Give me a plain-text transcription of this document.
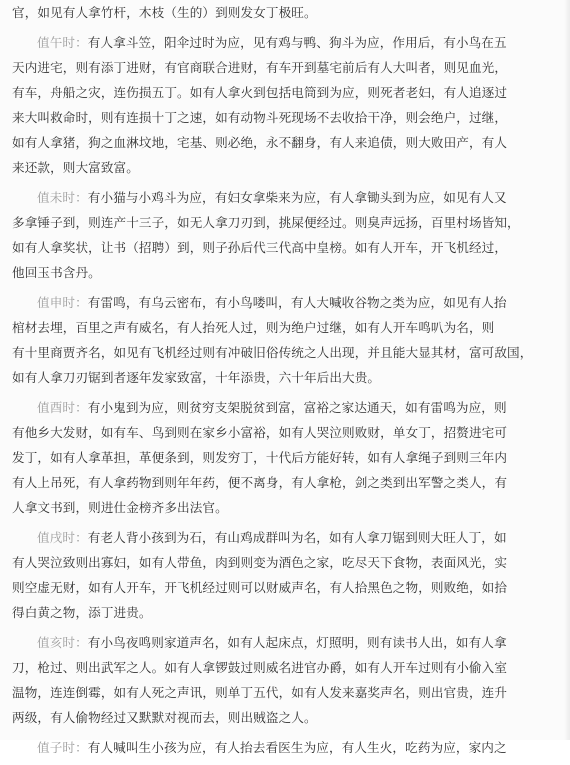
官，如见有人拿竹杆，木枝（生的）到则发女丁极旺。
值午时：有人拿斗笠，阳伞过时为应，见有鸡与鸭、狗斗为应，作用后，有小鸟在五
天内进宅，则有添丁进财，有官商联合进财，有车开到墓宅前后有人大叫者，则见血光，
有车，舟船之灾，连伤损五丁。如有人拿火到包括电筒到为应，则死者老妇，有人追逐过
来大叫救命时，则有连损十丁之速，如有动物斗死现场不去收拾干净，则会绝户，过继，
如有人拿猪，狗之血淋坟地，宅基、则必绝，永不翻身，有人来追债，则大败田产，有人
来还款，则大富致富。
值未时：有小猫与小鸡斗为应，有妇女拿柴来为应，有人拿锄头到为应，如见有人又
多拿锤子到，则连产十三子，如无人拿刀刃到，挑屎便经过。则臭声远扬，百里村场皆知，
如有人拿奖状，让书（招聘）到，则子孙后代三代高中皇榜。如有人开车，开飞机经过，
他回玉书含丹。
值申时：有雷鸣，有乌云密布，有小鸟喽叫，有人大喊收谷物之类为应，如见有人抬
棺材去埋，百里之声有威名，有人抬死人过，则为绝户过继，如有人开车鸣叭为名，则
有十里商贾齐名，如见有飞机经过则有冲破旧俗传统之人出现，并且能大显其材，富可敌国，
如有人拿刀刃锯到者逐年发家致富，十年添贵，六十年后出大贵。
值酉时：有小鬼到为应，则贫穷支架脱贫到富，富裕之家达通天，如有雷鸣为应，则
有他乡大发财，如有车、鸟到则在家乡小富裕，如有人哭泣则败财，单女丁，招赘进宅可
发丁，如有人拿革担，革便条到，则发穷丁，十代后方能好转，如有人拿绳子到则三年内
有人上吊死，有人拿药物到则年年药，便不离身，有人拿枪，剑之类到出军警之类人，有
人拿文书到，则进仕金榜齐多出法官。
值戌时：有老人背小孩到为石，有山鸡成群叫为名，如有人拿刀锯到则大旺人丁，如
有人哭泣致则出寡妇，如有人带鱼，肉到则变为酒色之家，吃尽天下食物，表面风光，实
则空虚无财，如有人开车，开飞机经过则可以财威声名，有人拾黑色之物，则败绝，如拾
得白黄之物，添丁进贵。
值亥时：有小鸟夜鸣则家道声名，如有人起床点，灯照明，则有读书人出，如有人拿
刀，枪过、则出武军之人。如有人拿锣鼓过则威名进官办爵，如有人开车过则有小偷入室
温物，连连倒霉，如有人死之声讯，则单丁五代，如有人发来嘉奖声名，则出官贵，连升
两级，有人偷物经过又默默对视而去，则出贼盗之人。
值子时：有人喊叫生小孩为应，有人抬去看医生为应，有人生火，吃药为应，家内之
